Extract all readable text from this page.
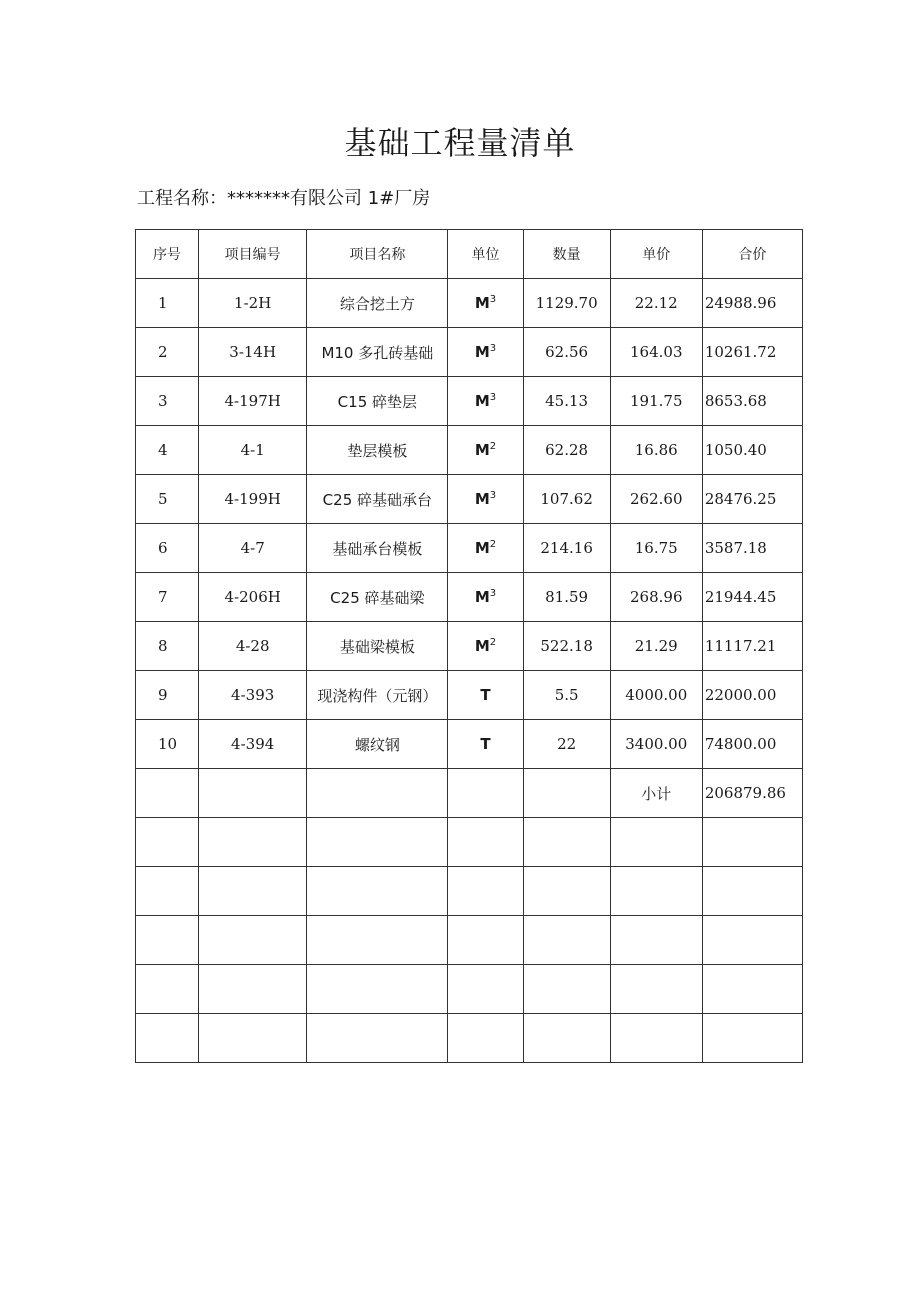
基础工程量清单
工程名称：*******有限公司 1#厂房
序号	项目编号	项目名称	单位	数量	单价	合价
1	1-2H	综合挖土方	$M^3$	1129.70	22.12	24988.96
2	3-14H	M10 多孔砖基础	$M^3$	62.56	164.03	10261.72
3	4-197H	C15 碎垫层	$M^3$	45.13	191.75	8653.68
4	4-1	垫层模板	$M^2$	62.28	16.86	1050.40
5	4-199H	C25 碎基础承台	$M^3$	107.62	262.60	28476.25
6	4-7	基础承台模板	$M^2$	214.16	16.75	3587.18
7	4-206H	C25 碎基础梁	$M^3$	81.59	268.96	21944.45
8	4-28	基础梁模板	$M^2$	522.18	21.29	11117.21
9	4-393	现浇构件（元钢）	T	5.5	4000.00	22000.00
10	4-394	螺纹钢	T	22	3400.00	74800.00
					小计	206879.86
